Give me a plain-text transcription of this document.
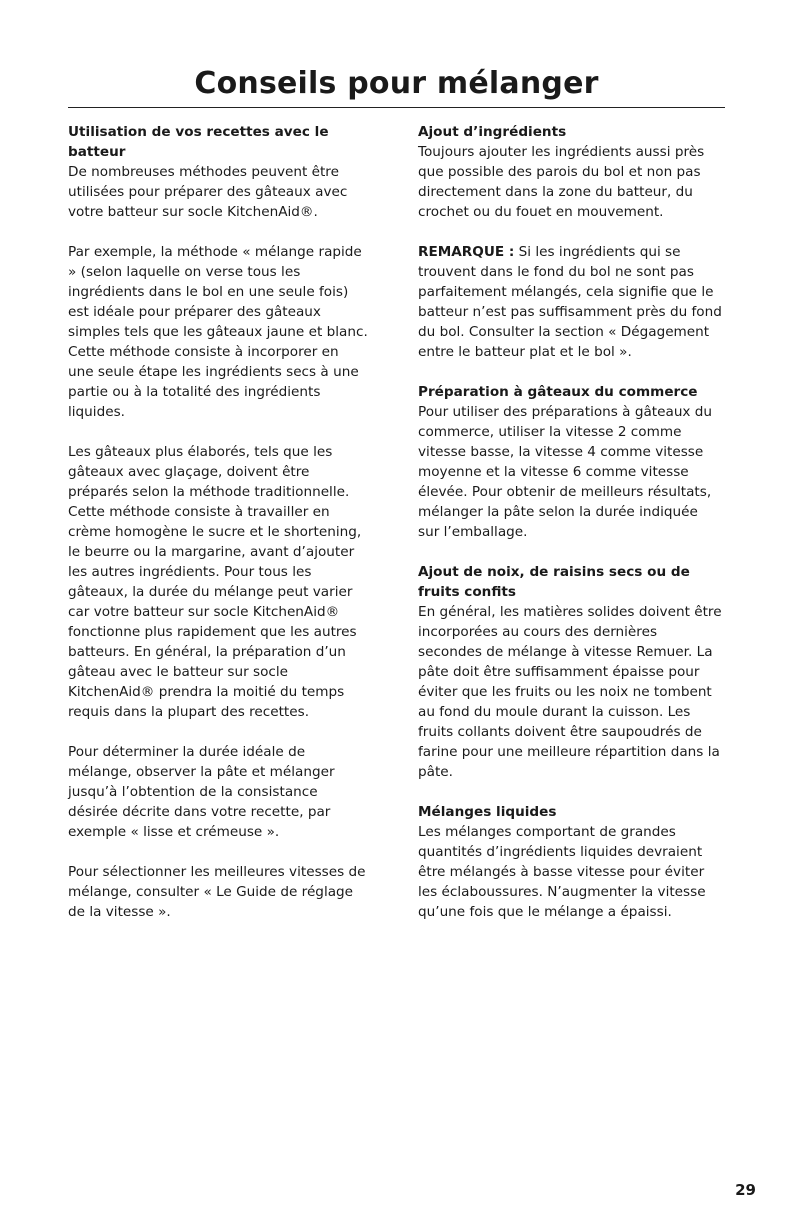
Conseils pour mélanger

Utilisation de vos recettes avec le batteur
De nombreuses méthodes peuvent être utilisées pour préparer des gâteaux avec votre batteur sur socle KitchenAid®.

Par exemple, la méthode « mélange rapide » (selon laquelle on verse tous les ingrédients dans le bol en une seule fois) est idéale pour préparer des gâteaux simples tels que les gâteaux jaune et blanc. Cette méthode consiste à incorporer en une seule étape les ingrédients secs à une partie ou à la totalité des ingrédients liquides.

Les gâteaux plus élaborés, tels que les gâteaux avec glaçage, doivent être préparés selon la méthode traditionnelle. Cette méthode consiste à travailler en crème homogène le sucre et le shortening, le beurre ou la margarine, avant d’ajouter les autres ingrédients. Pour tous les gâteaux, la durée du mélange peut varier car votre batteur sur socle KitchenAid® fonctionne plus rapidement que les autres batteurs. En général, la préparation d’un gâteau avec le batteur sur socle KitchenAid® prendra la moitié du temps requis dans la plupart des recettes.

Pour déterminer la durée idéale de mélange, observer la pâte et mélanger jusqu’à l’obtention de la consistance désirée décrite dans votre recette, par exemple « lisse et crémeuse ».

Pour sélectionner les meilleures vitesses de mélange, consulter « Le Guide de réglage de la vitesse ».

Ajout d’ingrédients
Toujours ajouter les ingrédients aussi près que possible des parois du bol et non pas directement dans la zone du batteur, du crochet ou du fouet en mouvement.

REMARQUE : Si les ingrédients qui se trouvent dans le fond du bol ne sont pas parfaitement mélangés, cela signifie que le batteur n’est pas suffisamment près du fond du bol. Consulter la section « Dégagement entre le batteur plat et le bol ».

Préparation à gâteaux du commerce
Pour utiliser des préparations à gâteaux du commerce, utiliser la vitesse 2 comme vitesse basse, la vitesse 4 comme vitesse moyenne et la vitesse 6 comme vitesse élevée. Pour obtenir de meilleurs résultats, mélanger la pâte selon la durée indiquée sur l’emballage.

Ajout de noix, de raisins secs ou de fruits confits
En général, les matières solides doivent être incorporées au cours des dernières secondes de mélange à vitesse Remuer. La pâte doit être suffisamment épaisse pour éviter que les fruits ou les noix ne tombent au fond du moule durant la cuisson. Les fruits collants doivent être saupoudrés de farine pour une meilleure répartition dans la pâte.

Mélanges liquides
Les mélanges comportant de grandes quantités d’ingrédients liquides devraient être mélangés à basse vitesse pour éviter les éclaboussures. N’augmenter la vitesse qu’une fois que le mélange a épaissi.

29
